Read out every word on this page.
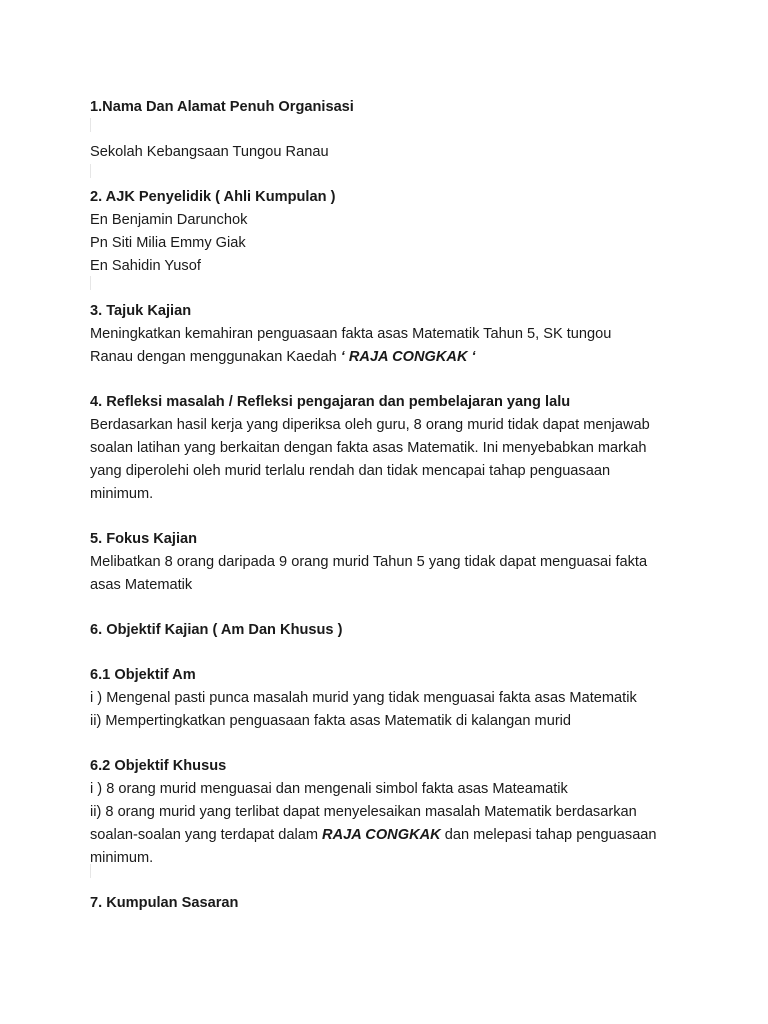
1.Nama Dan Alamat Penuh Organisasi

Sekolah Kebangsaan Tungou Ranau

2. AJK Penyelidik ( Ahli Kumpulan )

En Benjamin Darunchok

Pn Siti Milia Emmy Giak

En Sahidin Yusof

3. Tajuk Kajian

Meningkatkan kemahiran penguasaan fakta asas Matematik Tahun 5, SK tungou

Ranau dengan menggunakan Kaedah ‘ RAJA CONGKAK ‘

4. Refleksi masalah / Refleksi pengajaran dan pembelajaran yang lalu

Berdasarkan hasil kerja yang diperiksa oleh guru, 8 orang murid tidak dapat menjawab

soalan latihan yang berkaitan dengan fakta asas Matematik. Ini menyebabkan markah

yang diperolehi oleh murid terlalu rendah dan tidak mencapai tahap penguasaan

minimum.

5. Fokus Kajian

Melibatkan 8 orang daripada 9 orang murid Tahun 5 yang tidak dapat menguasai fakta

asas Matematik

6. Objektif Kajian ( Am Dan Khusus )

6.1 Objektif Am

i ) Mengenal pasti punca masalah murid yang tidak menguasai fakta asas Matematik

ii) Mempertingkatkan penguasaan fakta asas Matematik di kalangan murid

6.2 Objektif Khusus

i ) 8 orang murid menguasai dan mengenali simbol fakta asas Mateamatik

ii) 8 orang murid yang terlibat dapat menyelesaikan masalah Matematik berdasarkan

soalan-soalan yang terdapat dalam RAJA CONGKAK dan melepasi tahap penguasaan

minimum.

7. Kumpulan Sasaran
